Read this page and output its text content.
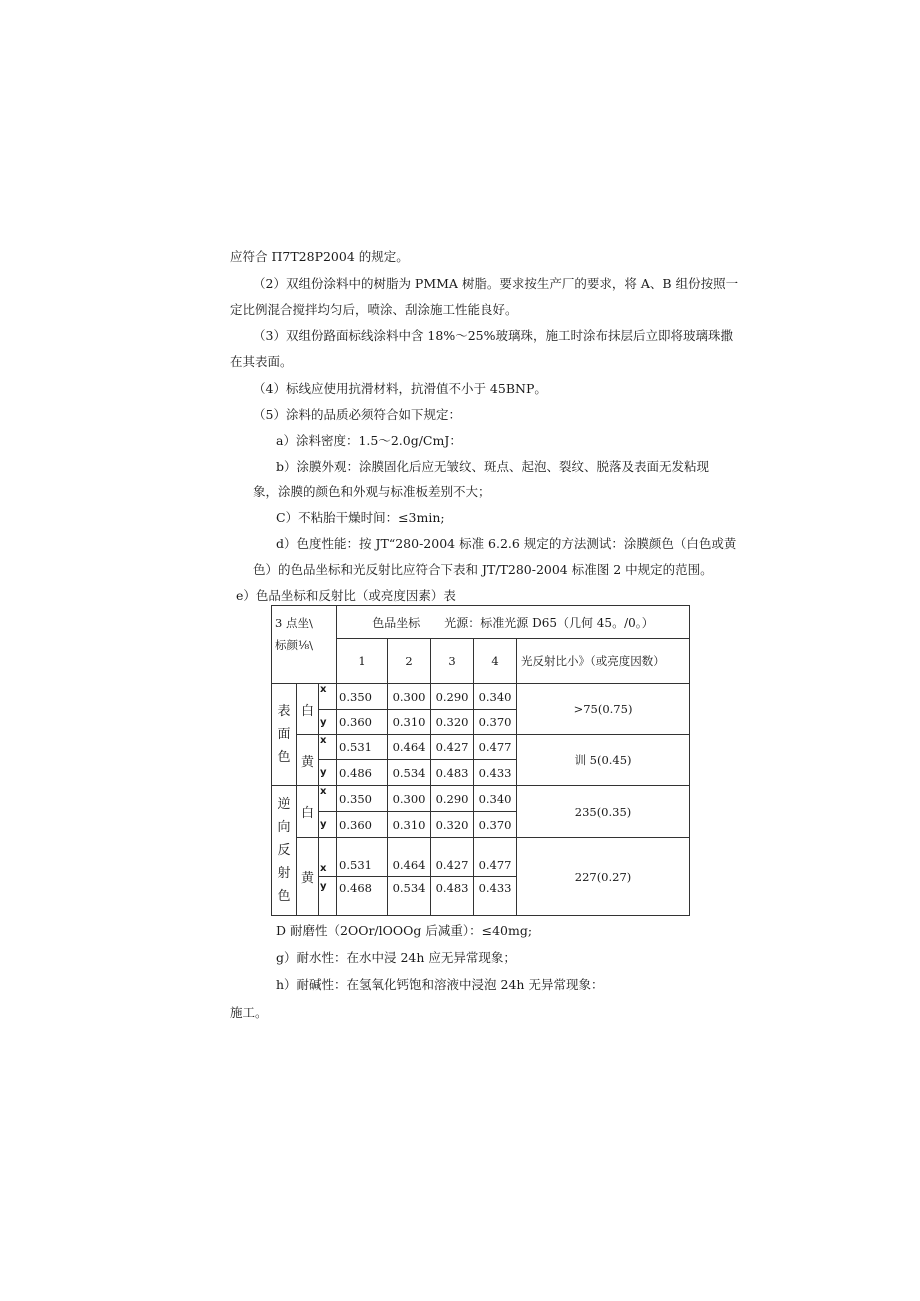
应符合 Π7T28P2004 的规定。
（2）双组份涂料中的树脂为 PMMA 树脂。要求按生产厂的要求，将 A、B 组份按照一
定比例混合搅拌均匀后，喷涂、刮涂施工性能良好。
（3）双组份路面标线涂料中含 18%～25%玻璃珠，施工时涂布抹层后立即将玻璃珠撒
在其表面。
（4）标线应使用抗滑材料，抗滑值不小于 45BNP。
（5）涂料的品质必须符合如下规定：
a）涂料密度：1.5～2.0g/CmJ：
b）涂膜外观：涂膜固化后应无皱纹、斑点、起泡、裂纹、脱落及表面无发粘现
象，涂膜的颜色和外观与标准板差别不大；
C）不粘胎干燥时间：≤3min;
d）色度性能：按 JT“280-2004 标准 6.2.6 规定的方法测试：涂膜颜色（白色或黄
色）的色品坐标和光反射比应符合下表和 JT/T280-2004 标准图 2 中规定的范围。
e）色品坐标和反射比（或亮度因素）表
3 点坐\
标颜⅛\			色品坐标　　光源：标准光源 D65（几何 45。/0。）				
			1	2	3	4	光反射比小》（或亮度因数）

表
面
色	白	x	0.350	0.300	0.290	0.340	>75(0.75)
		y	0.360	0.310	0.320	0.370	
	黄	x	0.531	0.464	0.427	0.477	训 5(0.45)
		y	0.486	0.534	0.483	0.433	

逆
向
反
射
色	白	x	0.350	0.300	0.290	0.340	235(0.35)
		y	0.360	0.310	0.320	0.370	
	黄	x	0.531	0.464	0.427	0.477	227(0.27)
		y	0.468	0.534	0.483	0.433	
D 耐磨性（2OOr/lOOOg 后减重）：≤40mg;
g）耐水性：在水中浸 24h 应无异常现象；
h）耐碱性：在氢氧化钙饱和溶液中浸泡 24h 无异常现象：
施工。
